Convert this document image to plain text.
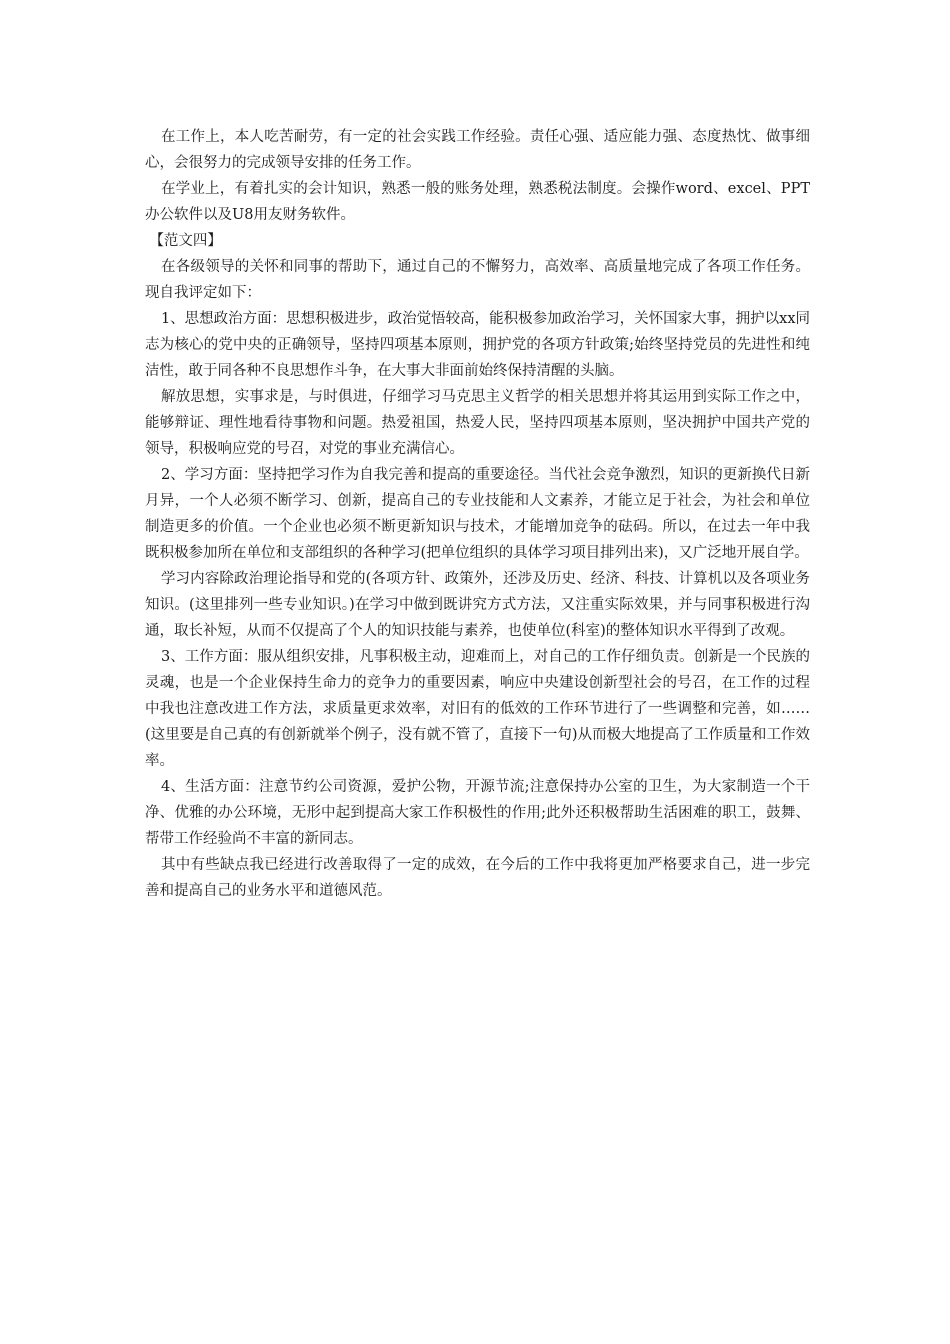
在工作上，本人吃苦耐劳，有一定的社会实践工作经验。责任心强、适应能力强、态度热忱、做事细心，会很努力的完成领导安排的任务工作。

在学业上，有着扎实的会计知识，熟悉一般的账务处理，熟悉税法制度。会操作word、excel、PPT办公软件以及U8用友财务软件。

【范文四】

在各级领导的关怀和同事的帮助下，通过自己的不懈努力，高效率、高质量地完成了各项工作任务。现自我评定如下：

1、思想政治方面：思想积极进步，政治觉悟较高，能积极参加政治学习，关怀国家大事，拥护以xx同志为核心的党中央的正确领导，坚持四项基本原则，拥护党的各项方针政策;始终坚持党员的先进性和纯洁性，敢于同各种不良思想作斗争，在大事大非面前始终保持清醒的头脑。

解放思想，实事求是，与时俱进，仔细学习马克思主义哲学的相关思想并将其运用到实际工作之中，能够辩证、理性地看待事物和问题。热爱祖国，热爱人民，坚持四项基本原则，坚决拥护中国共产党的领导，积极响应党的号召，对党的事业充满信心。

2、学习方面：坚持把学习作为自我完善和提高的重要途径。当代社会竞争激烈，知识的更新换代日新月异，一个人必须不断学习、创新，提高自己的专业技能和人文素养，才能立足于社会，为社会和单位制造更多的价值。一个企业也必须不断更新知识与技术，才能增加竞争的砝码。所以，在过去一年中我既积极参加所在单位和支部组织的各种学习(把单位组织的具体学习项目排列出来)，又广泛地开展自学。

学习内容除政治理论指导和党的(各项方针、政策外，还涉及历史、经济、科技、计算机以及各项业务知识。(这里排列一些专业知识。)在学习中做到既讲究方式方法，又注重实际效果，并与同事积极进行沟通，取长补短，从而不仅提高了个人的知识技能与素养，也使单位(科室)的整体知识水平得到了改观。

3、工作方面：服从组织安排，凡事积极主动，迎难而上，对自己的工作仔细负责。创新是一个民族的灵魂，也是一个企业保持生命力的竞争力的重要因素，响应中央建设创新型社会的号召，在工作的过程中我也注意改进工作方法，求质量更求效率，对旧有的低效的工作环节进行了一些调整和完善，如……(这里要是自己真的有创新就举个例子，没有就不管了，直接下一句)从而极大地提高了工作质量和工作效率。

4、生活方面：注意节约公司资源，爱护公物，开源节流;注意保持办公室的卫生，为大家制造一个干净、优雅的办公环境，无形中起到提高大家工作积极性的作用;此外还积极帮助生活困难的职工，鼓舞、帮带工作经验尚不丰富的新同志。

其中有些缺点我已经进行改善取得了一定的成效，在今后的工作中我将更加严格要求自己，进一步完善和提高自己的业务水平和道德风范。
